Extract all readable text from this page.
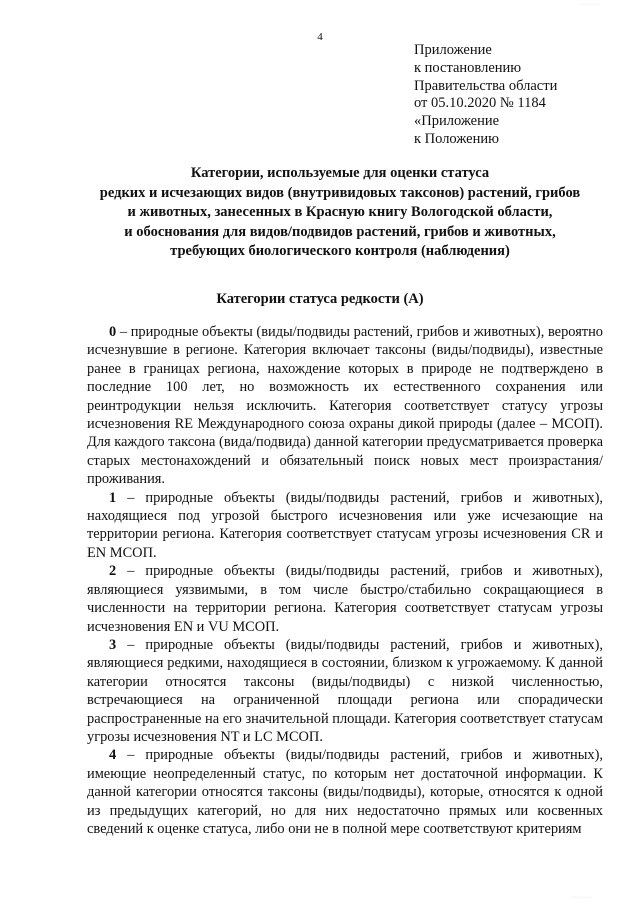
4
Приложение
к постановлению
Правительства области
от 05.10.2020 № 1184
«Приложение
к Положению
Категории, используемые для оценки статуса
редких и исчезающих видов (внутривидовых таксонов) растений, грибов
и животных, занесенных в Красную книгу Вологодской области,
и обоснования для видов/подвидов растений, грибов и животных,
требующих биологического контроля (наблюдения)
Категории статуса редкости (А)

0 – природные объекты (виды/подвиды растений, грибов и животных), вероятно исчезнувшие в регионе. Категория включает таксоны (виды/подвиды), известные ранее в границах региона, нахождение которых в природе не подтверждено в последние 100 лет, но возможность их естественного сохранения или реинтродукции нельзя исключить. Категория соответствует статусу угрозы исчезновения RE Международного союза охраны дикой природы (далее – МСОП). Для каждого таксона (вида/подвида) данной категории предусматривается проверка старых местонахождений и обязательный поиск новых мест произрастания/проживания.

1 – природные объекты (виды/подвиды растений, грибов и животных), находящиеся под угрозой быстрого исчезновения или уже исчезающие на территории региона. Категория соответствует статусам угрозы исчезновения CR и EN МСОП.

2 – природные объекты (виды/подвиды растений, грибов и животных), являющиеся уязвимыми, в том числе быстро/стабильно сокращающиеся в численности на территории региона. Категория соответствует статусам угрозы исчезновения EN и VU МСОП.

3 – природные объекты (виды/подвиды растений, грибов и животных), являющиеся редкими, находящиеся в состоянии, близком к угрожаемому. К данной категории относятся таксоны (виды/подвиды) с низкой численностью, встречающиеся на ограниченной площади региона или спорадически распространенные на его значительной площади. Категория соответствует статусам угрозы исчезновения NT и LC МСОП.

4 – природные объекты (виды/подвиды растений, грибов и животных), имеющие неопределенный статус, по которым нет достаточной информации. К данной категории относятся таксоны (виды/подвиды), которые, относятся к одной из предыдущих категорий, но для них недостаточно прямых или косвенных сведений к оценке статуса, либо они не в полной мере соответствуют критериям

·······
·······
